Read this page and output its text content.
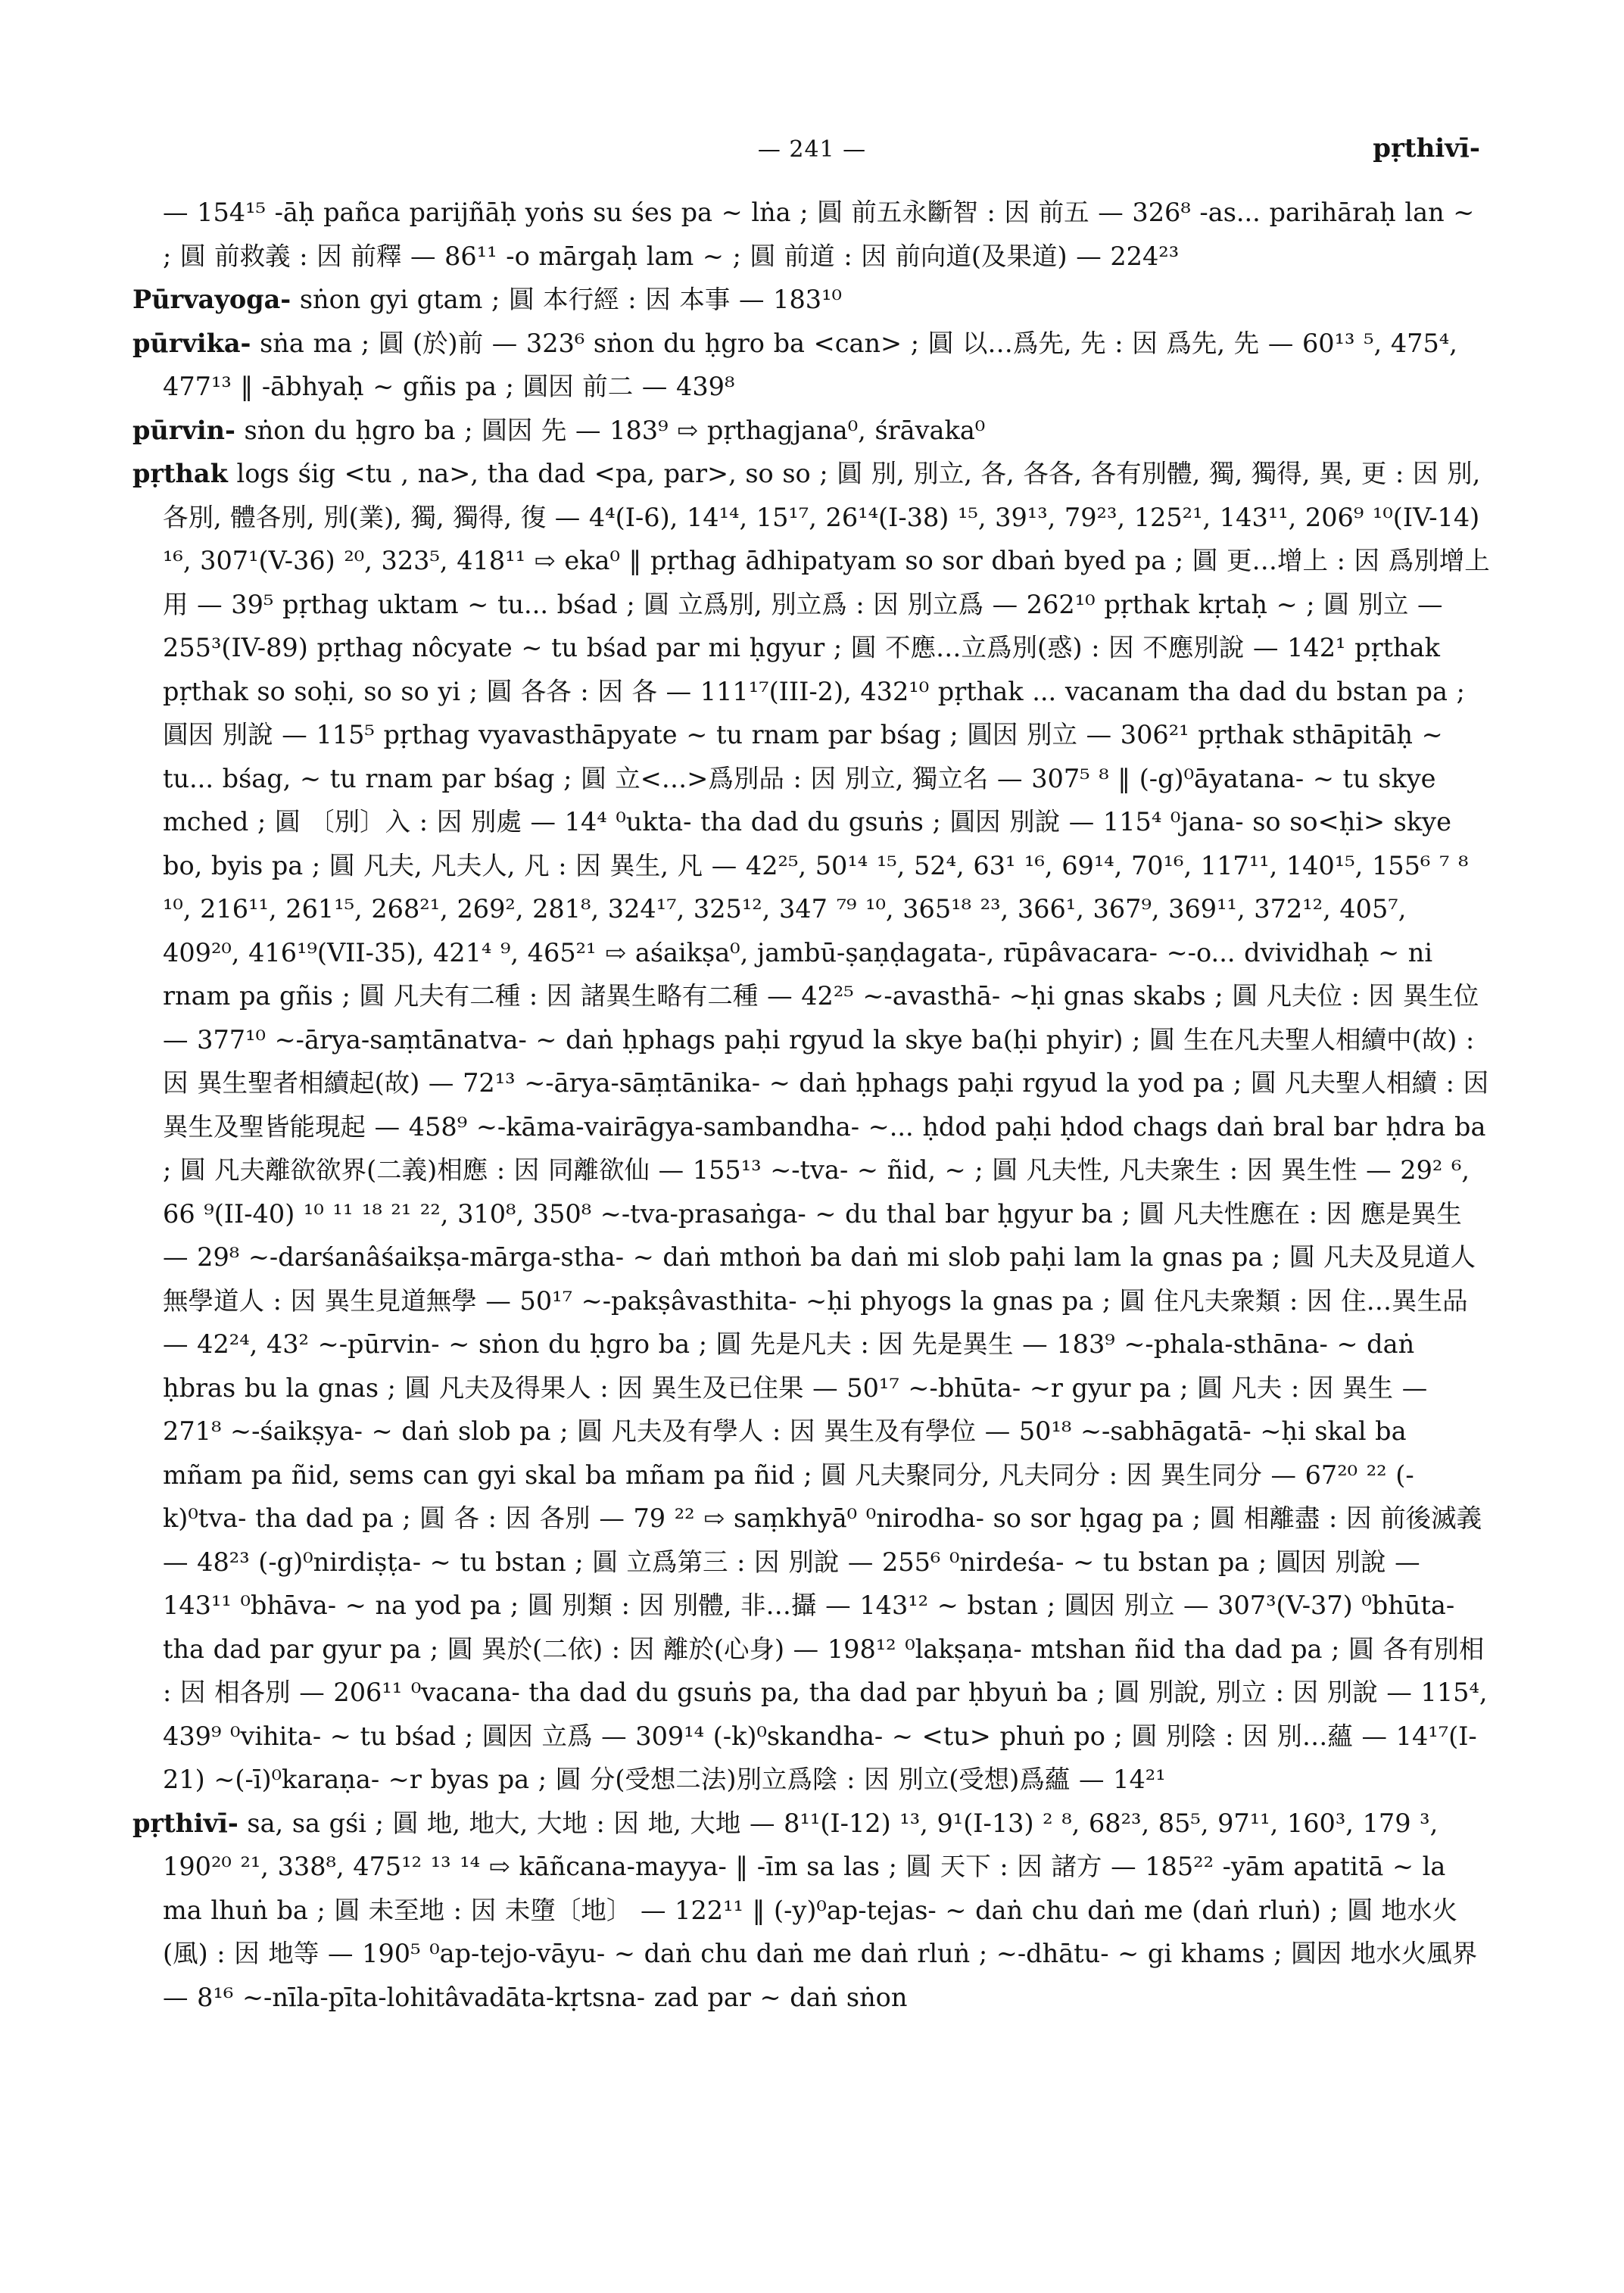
— 241 —	pṛthivī-

— 154¹⁵ -āḥ pañca parijñāḥ yoṅs su śes pa ~ lṅa ; 圓 前五永斷智 : 因 前五 — 326⁸ -as... parihāraḥ lan ~ ; 圓 前救義 : 因 前釋 — 86¹¹ -o mārgaḥ lam ~ ; 圓 前道 : 因 前向道(及果道) — 224²³

Pūrvayoga- sṅon gyi gtam ; 圓 本行經 : 因 本事 — 183¹⁰

pūrvika- sṅa ma ; 圓 (於)前 — 323⁶ sṅon du ḥgro ba <can> ; 圓 以…爲先, 先 : 因 爲先, 先 — 60¹³ ⁵, 475⁴, 477¹³ ‖ -ābhyaḥ ~ gñis pa ; 圓因 前二 — 439⁸

pūrvin- sṅon du ḥgro ba ; 圓因 先 — 183⁹ ⇨ pṛthagjana⁰, śrāvaka⁰

pṛthak logs śig <tu , na>, tha dad <pa, par>, so so ; 圓 別, 別立, 各, 各各, 各有別體, 獨, 獨得, 異, 更 : 因 別, 各別, 體各別, 別(業), 獨, 獨得, 復 — 4⁴(I-6), 14¹⁴, 15¹⁷, 26¹⁴(I-38) ¹⁵, 39¹³, 79²³, 125²¹, 143¹¹, 206⁹ ¹⁰(IV-14) ¹⁶, 307¹(V-36) ²⁰, 323⁵, 418¹¹ ⇨ eka⁰ ‖ pṛthag ādhipatyam so sor dbaṅ byed pa ; 圓 更…增上 : 因 爲別增上用 — 39⁵ pṛthag uktam ~ tu... bśad ; 圓 立爲別, 別立爲 : 因 別立爲 — 262¹⁰ pṛthak kṛtaḥ ~ ; 圓 別立 — 255³(IV-89) pṛthag nôcyate ~ tu bśad par mi ḥgyur ; 圓 不應…立爲別(惑) : 因 不應別說 — 142¹ pṛthak pṛthak so soḥi, so so yi ; 圓 各各 : 因 各 — 111¹⁷(III-2), 432¹⁰ pṛthak ... vacanam tha dad du bstan pa ; 圓因 別說 — 115⁵ pṛthag vyavasthāpyate ~ tu rnam par bśag ; 圓因 別立 — 306²¹ pṛthak sthāpitāḥ ~ tu... bśag, ~ tu rnam par bśag ; 圓 立<…>爲別品 : 因 別立, 獨立名 — 307⁵ ⁸ ‖ (-g)⁰āyatana- ~ tu skye mched ; 圓 〔別〕入 : 因 別處 — 14⁴ ⁰ukta- tha dad du gsuṅs ; 圓因 別說 — 115⁴ ⁰jana- so so<ḥi> skye bo, byis pa ; 圓 凡夫, 凡夫人, 凡 : 因 異生, 凡 — 42²⁵, 50¹⁴ ¹⁵, 52⁴, 63¹ ¹⁶, 69¹⁴, 70¹⁶, 117¹¹, 140¹⁵, 155⁶ ⁷ ⁸ ¹⁰, 216¹¹, 261¹⁵, 268²¹, 269², 281⁸, 324¹⁷, 325¹², 347 ⁷⁹ ¹⁰, 365¹⁸ ²³, 366¹, 367⁹, 369¹¹, 372¹², 405⁷, 409²⁰, 416¹⁹(VII-35), 421⁴ ⁹, 465²¹ ⇨ aśaikṣa⁰, jambū-ṣaṇḍagata-, rūpâvacara- ~-o... dvividhaḥ ~ ni rnam pa gñis ; 圓 凡夫有二種 : 因 諸異生略有二種 — 42²⁵ ~-avasthā- ~ḥi gnas skabs ; 圓 凡夫位 : 因 異生位 — 377¹⁰ ~-ārya-saṃtānatva- ~ daṅ ḥphags paḥi rgyud la skye ba(ḥi phyir) ; 圓 生在凡夫聖人相續中(故) : 因 異生聖者相續起(故) — 72¹³ ~-ārya-sāṃtānika- ~ daṅ ḥphags paḥi rgyud la yod pa ; 圓 凡夫聖人相續 : 因 異生及聖皆能現起 — 458⁹ ~-kāma-vairāgya-sambandha- ~... ḥdod paḥi ḥdod chags daṅ bral bar ḥdra ba ; 圓 凡夫離欲欲界(二義)相應 : 因 同離欲仙 — 155¹³ ~-tva- ~ ñid, ~ ; 圓 凡夫性, 凡夫衆生 : 因 異生性 — 29² ⁶, 66 ⁹(II-40) ¹⁰ ¹¹ ¹⁸ ²¹ ²², 310⁸, 350⁸ ~-tva-prasaṅga- ~ du thal bar ḥgyur ba ; 圓 凡夫性應在 : 因 應是異生 — 29⁸ ~-darśanâśaikṣa-mārga-stha- ~ daṅ mthoṅ ba daṅ mi slob paḥi lam la gnas pa ; 圓 凡夫及見道人無學道人 : 因 異生見道無學 — 50¹⁷ ~-pakṣâvasthita- ~ḥi phyogs la gnas pa ; 圓 住凡夫衆類 : 因 住…異生品 — 42²⁴, 43² ~-pūrvin- ~ sṅon du ḥgro ba ; 圓 先是凡夫 : 因 先是異生 — 183⁹ ~-phala-sthāna- ~ daṅ ḥbras bu la gnas ; 圓 凡夫及得果人 : 因 異生及已住果 — 50¹⁷ ~-bhūta- ~r gyur pa ; 圓 凡夫 : 因 異生 — 271⁸ ~-śaikṣya- ~ daṅ slob pa ; 圓 凡夫及有學人 : 因 異生及有學位 — 50¹⁸ ~-sabhāgatā- ~ḥi skal ba mñam pa ñid, sems can gyi skal ba mñam pa ñid ; 圓 凡夫聚同分, 凡夫同分 : 因 異生同分 — 67²⁰ ²² (-k)⁰tva- tha dad pa ; 圓 各 : 因 各別 — 79 ²² ⇨ saṃkhyā⁰ ⁰nirodha- so sor ḥgag pa ; 圓 相離盡 : 因 前後滅義 — 48²³ (-g)⁰nirdiṣṭa- ~ tu bstan ; 圓 立爲第三 : 因 別說 — 255⁶ ⁰nirdeśa- ~ tu bstan pa ; 圓因 別說 — 143¹¹ ⁰bhāva- ~ na yod pa ; 圓 別類 : 因 別體, 非…攝 — 143¹² ~ bstan ; 圓因 別立 — 307³(V-37) ⁰bhūta- tha dad par gyur pa ; 圓 異於(二依) : 因 離於(心身) — 198¹² ⁰lakṣaṇa- mtshan ñid tha dad pa ; 圓 各有別相 : 因 相各別 — 206¹¹ ⁰vacana- tha dad du gsuṅs pa, tha dad par ḥbyuṅ ba ; 圓 別說, 別立 : 因 別說 — 115⁴, 439⁹ ⁰vihita- ~ tu bśad ; 圓因 立爲 — 309¹⁴ (-k)⁰skandha- ~ <tu> phuṅ po ; 圓 別陰 : 因 別…蘊 — 14¹⁷(I-21) ~(-ī)⁰karaṇa- ~r byas pa ; 圓 分(受想二法)別立爲陰 : 因 別立(受想)爲蘊 — 14²¹

pṛthivī- sa, sa gśi ; 圓 地, 地大, 大地 : 因 地, 大地 — 8¹¹(I-12) ¹³, 9¹(I-13) ² ⁸, 68²³, 85⁵, 97¹¹, 160³, 179 ³, 190²⁰ ²¹, 338⁸, 475¹² ¹³ ¹⁴ ⇨ kāñcana-mayya- ‖ -īm sa las ; 圓 天下 : 因 諸方 — 185²² -yām apatitā ~ la ma lhuṅ ba ; 圓 未至地 : 因 未墮〔地〕 — 122¹¹ ‖ (-y)⁰ap-tejas- ~ daṅ chu daṅ me (daṅ rluṅ) ; 圓 地水火(風) : 因 地等 — 190⁵ ⁰ap-tejo-vāyu- ~ daṅ chu daṅ me daṅ rluṅ ; ~-dhātu- ~ gi khams ; 圓因 地水火風界 — 8¹⁶ ~-nīla-pīta-lohitâvadāta-kṛtsna- zad par ~ daṅ sṅon
